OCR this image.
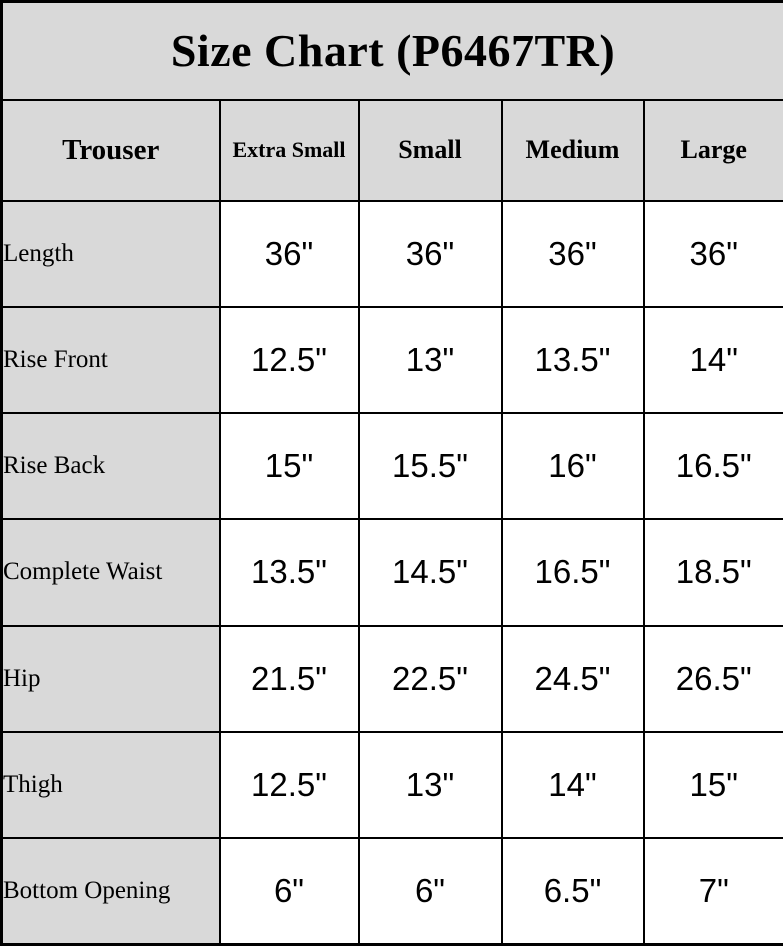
Size Chart (P6467TR)				
Trouser	Extra Small	Small	Medium	Large
Length	36"	36"	36"	36"
Rise Front	12.5"	13"	13.5"	14"
Rise Back	15"	15.5"	16"	16.5"
Complete Waist	13.5"	14.5"	16.5"	18.5"
Hip	21.5"	22.5"	24.5"	26.5"
Thigh	12.5"	13"	14"	15"
Bottom Opening	6"	6"	6.5"	7"
